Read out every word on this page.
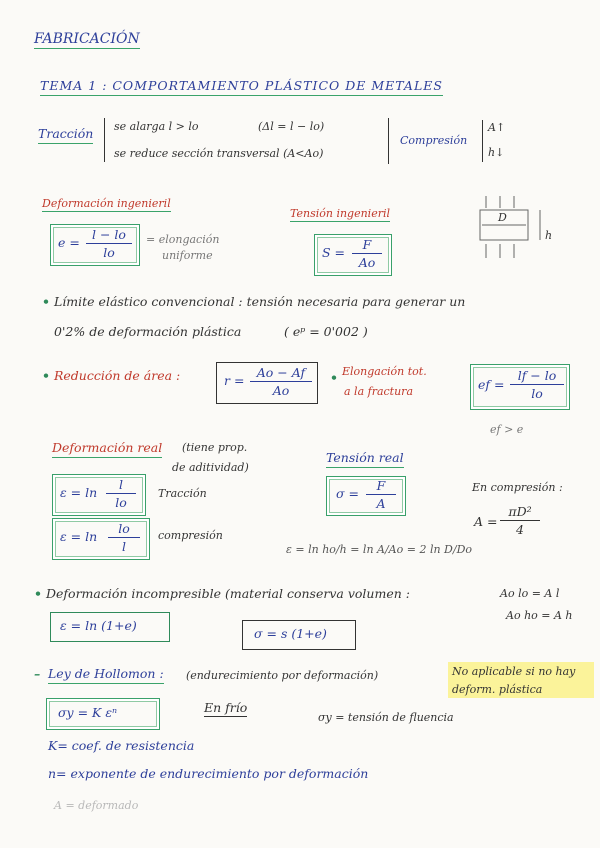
FABRICACIÓN
TEMA 1 : COMPORTAMIENTO PLÁSTICO DE METALES
Tracción se alarga l > lo	(Δl = l − lo)
se reduce sección transversal (A<Ao)
Compresión
A↑
h↓
Deformación ingenieril
$e = \frac{l - lo}{lo}$ = elongación
uniforme
Tensión ingenieril
$S = \frac{F}{Ao}$
D
h
• Límite elástico convencional : tensión necesaria para generar un
0'2% de deformación plástica	( eᵖ = 0'002 )
• Reducción de área :	$r = \frac{Ao - Af}{Ao}$ • Elongación tot.
a la fractura	ef = $\frac{lf - lo}{lo}$
ef > e
Deformación real (tiene prop.
de aditividad)
$\varepsilon = \ln \frac{l}{lo}$ Tracción
$\varepsilon = \ln \frac{lo}{l}$ compresión
Tensión real
$\sigma = \frac{F}{A}$	En compresión :
$A = \frac{\text{πD²}}{4}$
ε = ln ho/h = ln A/Ao = 2 ln D/Do
• Deformación incompresible (material conserva volumen :	Ao lo = A l
Ao ho = A h
ε = ln (1+e)
σ = s (1+e)
– Ley de Hollomon : (endurecimiento por deformación)	No aplicable si no hay
deform. plástica
σy = K εⁿ	En frío
σy = tensión de fluencia
K= coef. de resistencia
n= exponente de endurecimiento por deformación
A = deformado
